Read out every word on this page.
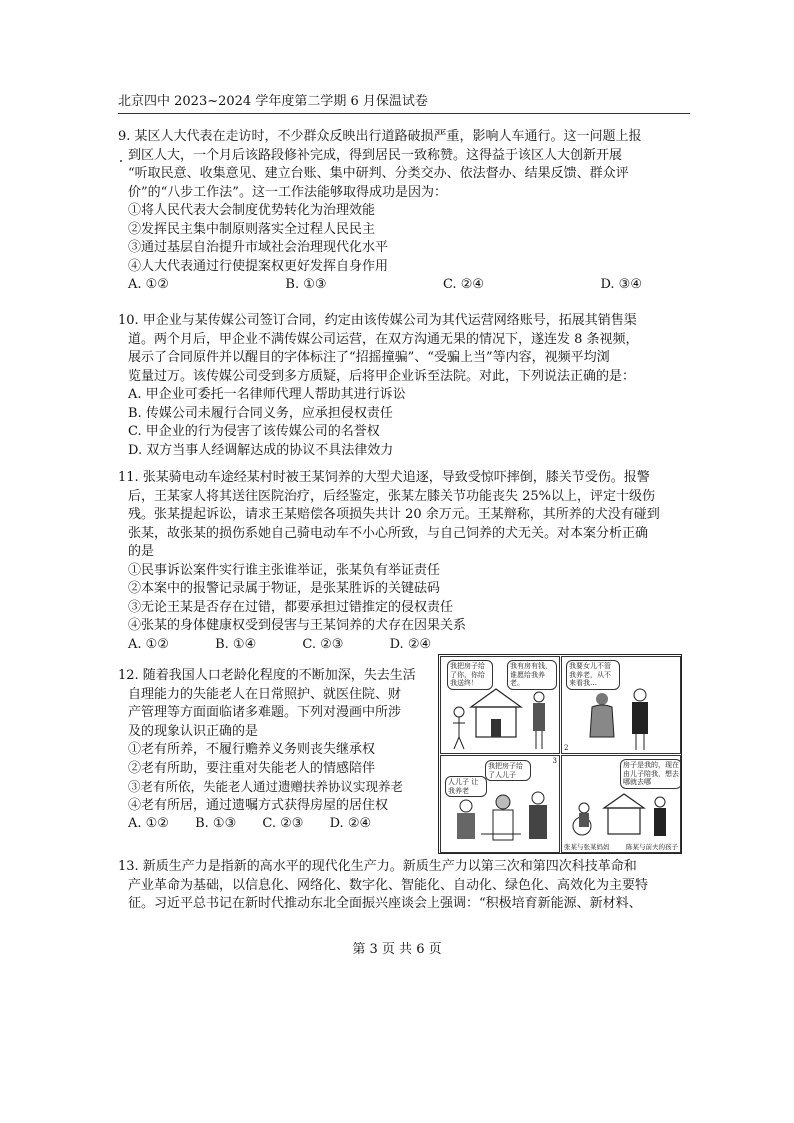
北京四中 2023~2024 学年度第二学期 6 月保温试卷

9. 某区人大代表在走访时，不少群众反映出行道路破损严重，影响人车通行。这一问题上报

到区人大，一个月后该路段修补完成，得到居民一致称赞。这得益于该区人大创新开展

“听取民意、收集意见、建立台账、集中研判、分类交办、依法督办、结果反馈、群众评

价”的“八步工作法”。这一工作法能够取得成功是因为：

①将人民代表大会制度优势转化为治理效能

②发挥民主集中制原则落实全过程人民民主

③通过基层自治提升市域社会治理现代化水平

④人大代表通过行使提案权更好发挥自身作用

A. ①②	B. ①③	C. ②④	D. ③④

10. 甲企业与某传媒公司签订合同，约定由该传媒公司为其代运营网络账号，拓展其销售渠

道。两个月后，甲企业不满传媒公司运营，在双方沟通无果的情况下，遂连发 8 条视频，

展示了合同原件并以醒目的字体标注了“招摇撞骗”、“受骗上当”等内容，视频平均浏

览量过万。该传媒公司受到多方质疑，后将甲企业诉至法院。对此，下列说法正确的是：

A. 甲企业可委托一名律师代理人帮助其进行诉讼

B. 传媒公司未履行合同义务，应承担侵权责任

C. 甲企业的行为侵害了该传媒公司的名誉权

D. 双方当事人经调解达成的协议不具法律效力

11. 张某骑电动车途经某村时被王某饲养的大型犬追逐，导致受惊吓摔倒，膝关节受伤。报警

后，王某家人将其送往医院治疗，后经鉴定，张某左膝关节功能丧失 25%以上，评定十级伤

残。张某提起诉讼，请求王某赔偿各项损失共计 20 余万元。王某辩称，其所养的犬没有碰到

张某，故张某的损伤系她自己骑电动车不小心所致，与自己饲养的犬无关。对本案分析正确

的是

①民事诉讼案件实行谁主张谁举证，张某负有举证责任

②本案中的报警记录属于物证，是张某胜诉的关键砝码

③无论王某是否存在过错，都要承担过错推定的侵权责任

④张某的身体健康权受到侵害与王某饲养的犬存在因果关系

A. ①②	B. ①④	C. ②③	D. ②④

12. 随着我国人口老龄化程度的不断加深，失去生活

自理能力的失能老人在日常照护、就医住院、财

产管理等方面面临诸多难题。下列对漫画中所涉

及的现象认识正确的是

①老有所养，不履行赡养义务则丧失继承权

②老有所助，要注重对失能老人的情感陪伴

③老有所依，失能老人通过遗赠扶养协议实现养老

④老有所居，通过遗嘱方式获得房屋的居住权

A. ①② B. ①③ C. ②③ D. ②④
我把房子给了你，你给我送终！
我有房有钱，谁愿给我养老。
我要女儿不管我养老，从不来看我…
2
我把房子给了人儿子
人儿子 让 我养老
3	房子是我的，现在由儿子陪我，想去哪就去哪
张某与张某妈妈	陈某与前夫的孩子

13. 新质生产力是指新的高水平的现代化生产力。新质生产力以第三次和第四次科技革命和

产业革命为基础，以信息化、网络化、数字化、智能化、自动化、绿色化、高效化为主要特

征。习近平总书记在新时代推动东北全面振兴座谈会上强调：“积极培育新能源、新材料、

第 3 页 共 6 页
